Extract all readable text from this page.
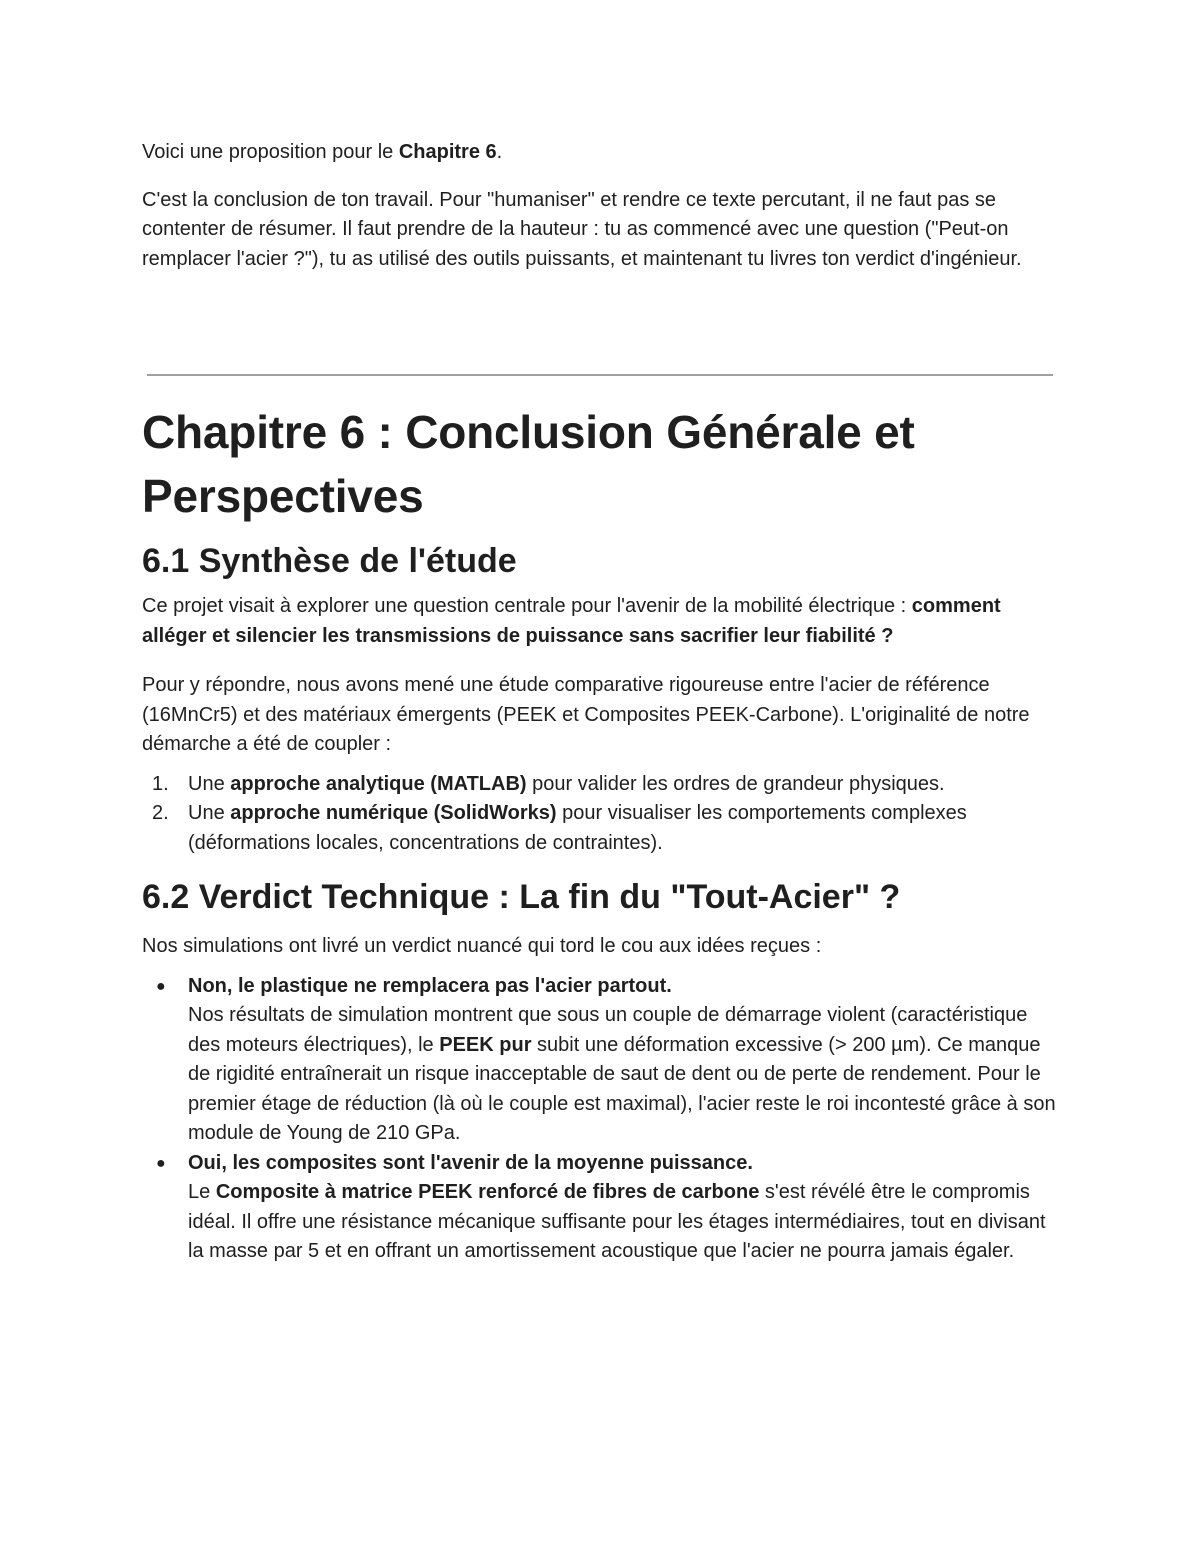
Voici une proposition pour le Chapitre 6.

C'est la conclusion de ton travail. Pour "humaniser" et rendre ce texte percutant, il ne faut pas se contenter de résumer. Il faut prendre de la hauteur : tu as commencé avec une question ("Peut-on remplacer l'acier ?"), tu as utilisé des outils puissants, et maintenant tu livres ton verdict d'ingénieur.

Chapitre 6 : Conclusion Générale et Perspectives
6.1 Synthèse de l'étude

Ce projet visait à explorer une question centrale pour l'avenir de la mobilité électrique : comment alléger et silencier les transmissions de puissance sans sacrifier leur fiabilité ?

Pour y répondre, nous avons mené une étude comparative rigoureuse entre l'acier de référence (16MnCr5) et des matériaux émergents (PEEK et Composites PEEK-Carbone). L'originalité de notre démarche a été de coupler :

1. Une approche analytique (MATLAB) pour valider les ordres de grandeur physiques.
2. Une approche numérique (SolidWorks) pour visualiser les comportements complexes (déformations locales, concentrations de contraintes).
6.2 Verdict Technique : La fin du "Tout-Acier" ?

Nos simulations ont livré un verdict nuancé qui tord le cou aux idées reçues :

● Non, le plastique ne remplacera pas l'acier partout.
Nos résultats de simulation montrent que sous un couple de démarrage violent (caractéristique des moteurs électriques), le PEEK pur subit une déformation excessive (> 200 µm). Ce manque de rigidité entraînerait un risque inacceptable de saut de dent ou de perte de rendement. Pour le premier étage de réduction (là où le couple est maximal), l'acier reste le roi incontesté grâce à son module de Young de 210 GPa.
● Oui, les composites sont l'avenir de la moyenne puissance.
Le Composite à matrice PEEK renforcé de fibres de carbone s'est révélé être le compromis idéal. Il offre une résistance mécanique suffisante pour les étages intermédiaires, tout en divisant la masse par 5 et en offrant un amortissement acoustique que l'acier ne pourra jamais égaler.
